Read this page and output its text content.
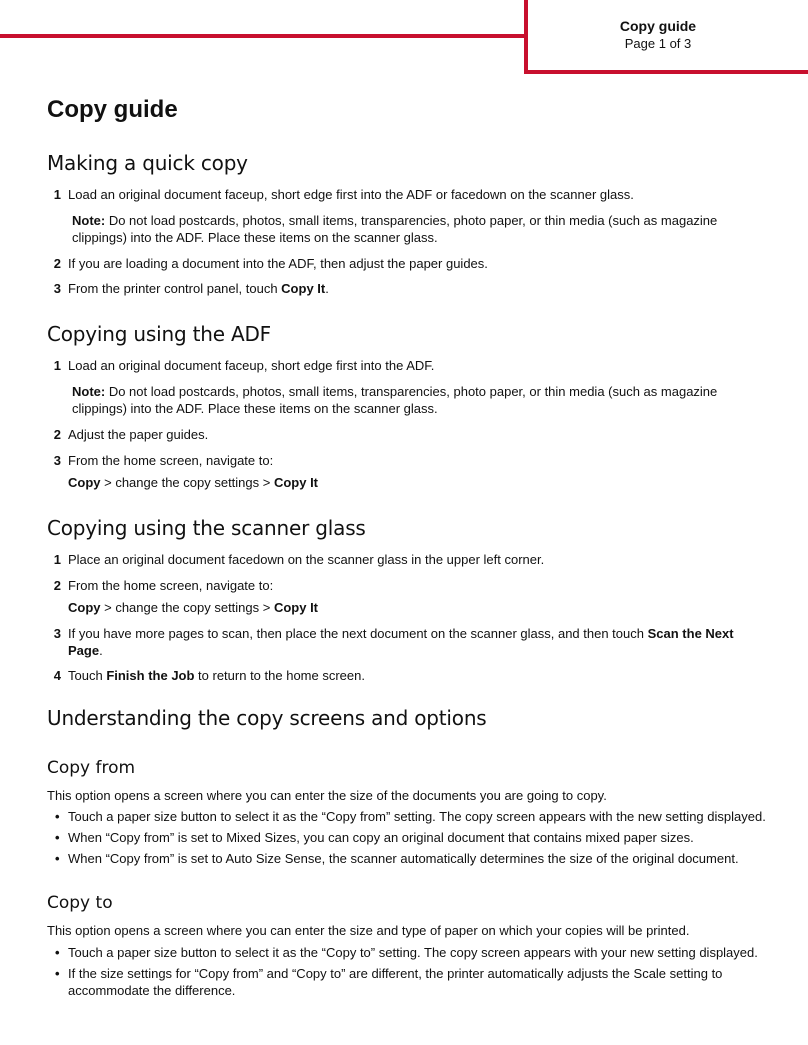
Copy guide
Page 1 of 3
Copy guide
Making a quick copy
1 Load an original document faceup, short edge first into the ADF or facedown on the scanner glass.
Note: Do not load postcards, photos, small items, transparencies, photo paper, or thin media (such as magazine clippings) into the ADF. Place these items on the scanner glass.
2 If you are loading a document into the ADF, then adjust the paper guides.
3 From the printer control panel, touch Copy It.
Copying using the ADF
1 Load an original document faceup, short edge first into the ADF.
Note: Do not load postcards, photos, small items, transparencies, photo paper, or thin media (such as magazine clippings) into the ADF. Place these items on the scanner glass.
2 Adjust the paper guides.
3 From the home screen, navigate to:
Copy > change the copy settings > Copy It
Copying using the scanner glass
1 Place an original document facedown on the scanner glass in the upper left corner.
2 From the home screen, navigate to:
Copy > change the copy settings > Copy It
3 If you have more pages to scan, then place the next document on the scanner glass, and then touch Scan the Next Page.
4 Touch Finish the Job to return to the home screen.
Understanding the copy screens and options
Copy from
This option opens a screen where you can enter the size of the documents you are going to copy.
• Touch a paper size button to select it as the “Copy from” setting. The copy screen appears with the new setting displayed.
• When “Copy from” is set to Mixed Sizes, you can copy an original document that contains mixed paper sizes.
• When “Copy from” is set to Auto Size Sense, the scanner automatically determines the size of the original document.
Copy to
This option opens a screen where you can enter the size and type of paper on which your copies will be printed.
• Touch a paper size button to select it as the “Copy to” setting. The copy screen appears with your new setting displayed.
• If the size settings for “Copy from” and “Copy to” are different, the printer automatically adjusts the Scale setting to accommodate the difference.
